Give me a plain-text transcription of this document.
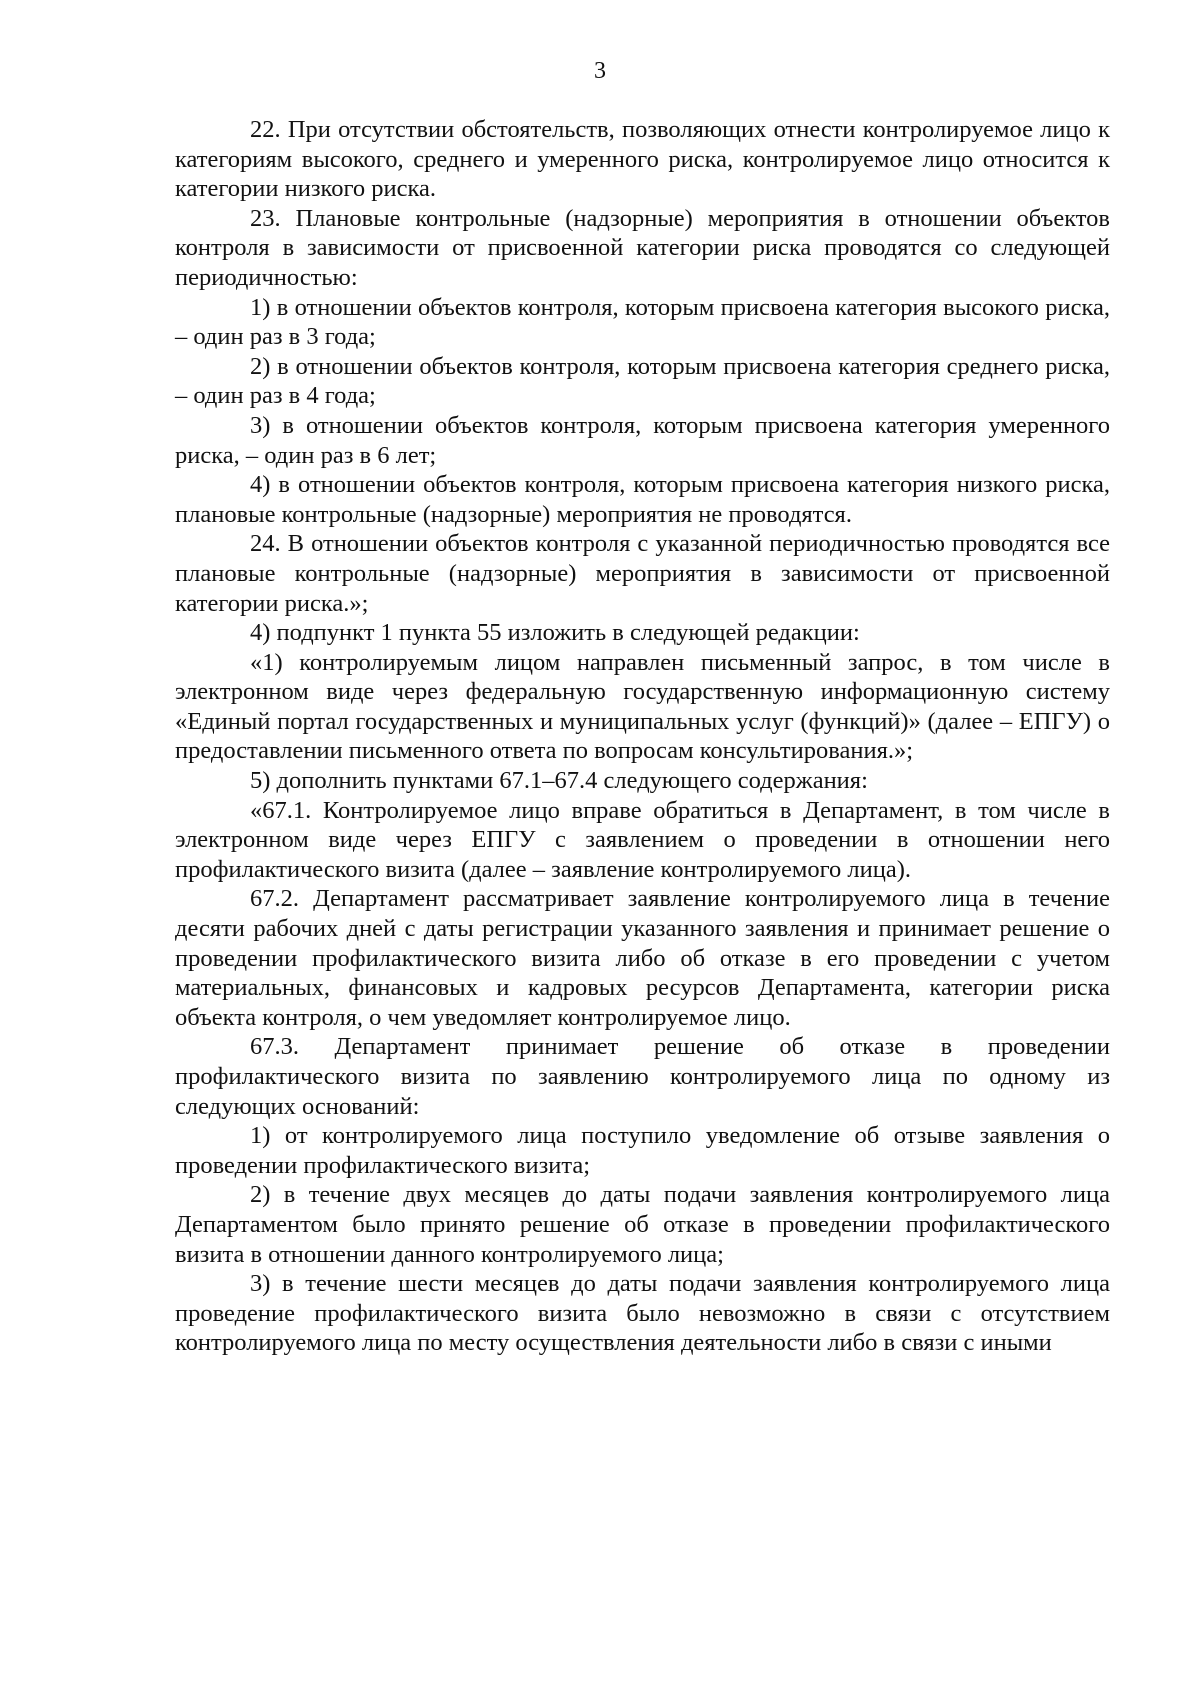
3

22. При отсутствии обстоятельств, позволяющих отнести контролируемое лицо к категориям высокого, среднего и умеренного риска, контролируемое лицо относится к категории низкого риска.

23. Плановые контрольные (надзорные) мероприятия в отношении объектов контроля в зависимости от присвоенной категории риска проводятся со следующей периодичностью:

1) в отношении объектов контроля, которым присвоена категория высокого риска, – один раз в 3 года;

2) в отношении объектов контроля, которым присвоена категория среднего риска, – один раз в 4 года;

3) в отношении объектов контроля, которым присвоена категория умеренного риска, – один раз в 6 лет;

4) в отношении объектов контроля, которым присвоена категория низкого риска, плановые контрольные (надзорные) мероприятия не проводятся.

24. В отношении объектов контроля с указанной периодичностью проводятся все плановые контрольные (надзорные) мероприятия в зависимости от присвоенной категории риска.»;

4) подпункт 1 пункта 55 изложить в следующей редакции:

«1) контролируемым лицом направлен письменный запрос, в том числе в электронном виде через федеральную государственную информационную систему «Единый портал государственных и муниципальных услуг (функций)» (далее – ЕПГУ) о предоставлении письменного ответа по вопросам консультирования.»;

5) дополнить пунктами 67.1–67.4 следующего содержания:

«67.1. Контролируемое лицо вправе обратиться в Департамент, в том числе в электронном виде через ЕПГУ с заявлением о проведении в отношении него профилактического визита (далее – заявление контролируемого лица).

67.2. Департамент рассматривает заявление контролируемого лица в течение десяти рабочих дней с даты регистрации указанного заявления и принимает решение о проведении профилактического визита либо об отказе в его проведении с учетом материальных, финансовых и кадровых ресурсов Департамента, категории риска объекта контроля, о чем уведомляет контролируемое лицо.

67.3. Департамент принимает решение об отказе в проведении профилактического визита по заявлению контролируемого лица по одному из следующих оснований:

1) от контролируемого лица поступило уведомление об отзыве заявления о проведении профилактического визита;

2) в течение двух месяцев до даты подачи заявления контролируемого лица Департаментом было принято решение об отказе в проведении профилактического визита в отношении данного контролируемого лица;

3) в течение шести месяцев до даты подачи заявления контролируемого лица проведение профилактического визита было невозможно в связи с отсутствием контролируемого лица по месту осуществления деятельности либо в связи с иными
